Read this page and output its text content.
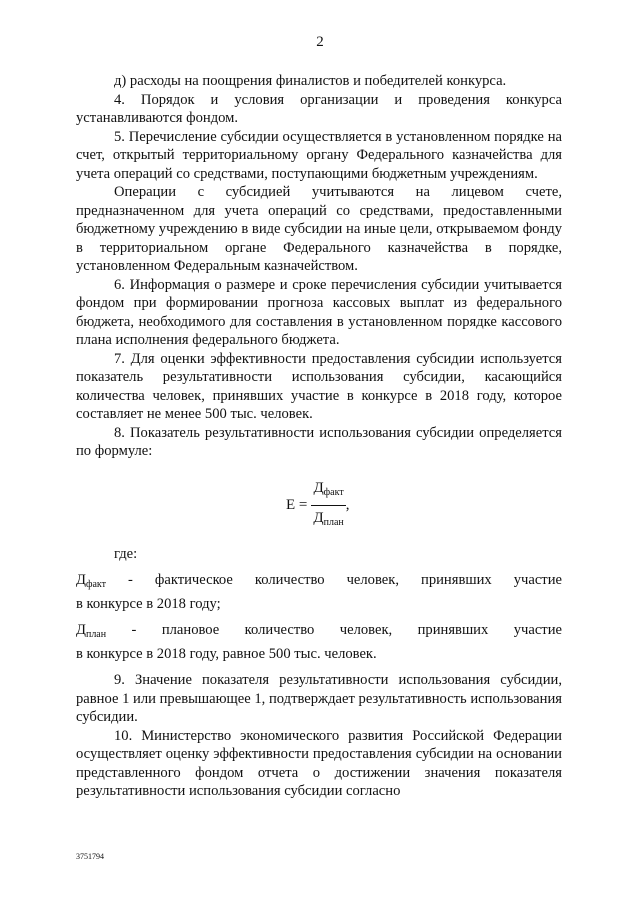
2

д) расходы на поощрения финалистов и победителей конкурса.

4. Порядок и условия организации и проведения конкурса устанавливаются фондом.

5. Перечисление субсидии осуществляется в установленном порядке на счет, открытый территориальному органу Федерального казначейства для учета операций со средствами, поступающими бюджетным учреждениям.

Операции с субсидией учитываются на лицевом счете, предназначенном для учета операций со средствами, предоставленными бюджетному учреждению в виде субсидии на иные цели, открываемом фонду в территориальном органе Федерального казначейства в порядке, установленном Федеральным казначейством.

6. Информация о размере и сроке перечисления субсидии учитывается фондом при формировании прогноза кассовых выплат из федерального бюджета, необходимого для составления в установленном порядке кассового плана исполнения федерального бюджета.

7. Для оценки эффективности предоставления субсидии используется показатель результативности использования субсидии, касающийся количества человек, принявших участие в конкурсе в 2018 году, которое составляет не менее 500 тыс. человек.

8. Показатель результативности использования субсидии определяется по формуле:

$E = \frac{Д_{факт}}{Д_{план}}$ ,

где:

$Д_{факт}$ - фактическое количество человек, принявших участие
в конкурсе в 2018 году;
$Д_{план}$ - плановое количество человек, принявших участие
в конкурсе в 2018 году, равное 500 тыс. человек.

9. Значение показателя результативности использования субсидии, равное 1 или превышающее 1, подтверждает результативность использования субсидии.

10. Министерство экономического развития Российской Федерации осуществляет оценку эффективности предоставления субсидии на основании представленного фондом отчета о достижении значения показателя результативности использования субсидии согласно

3751794
